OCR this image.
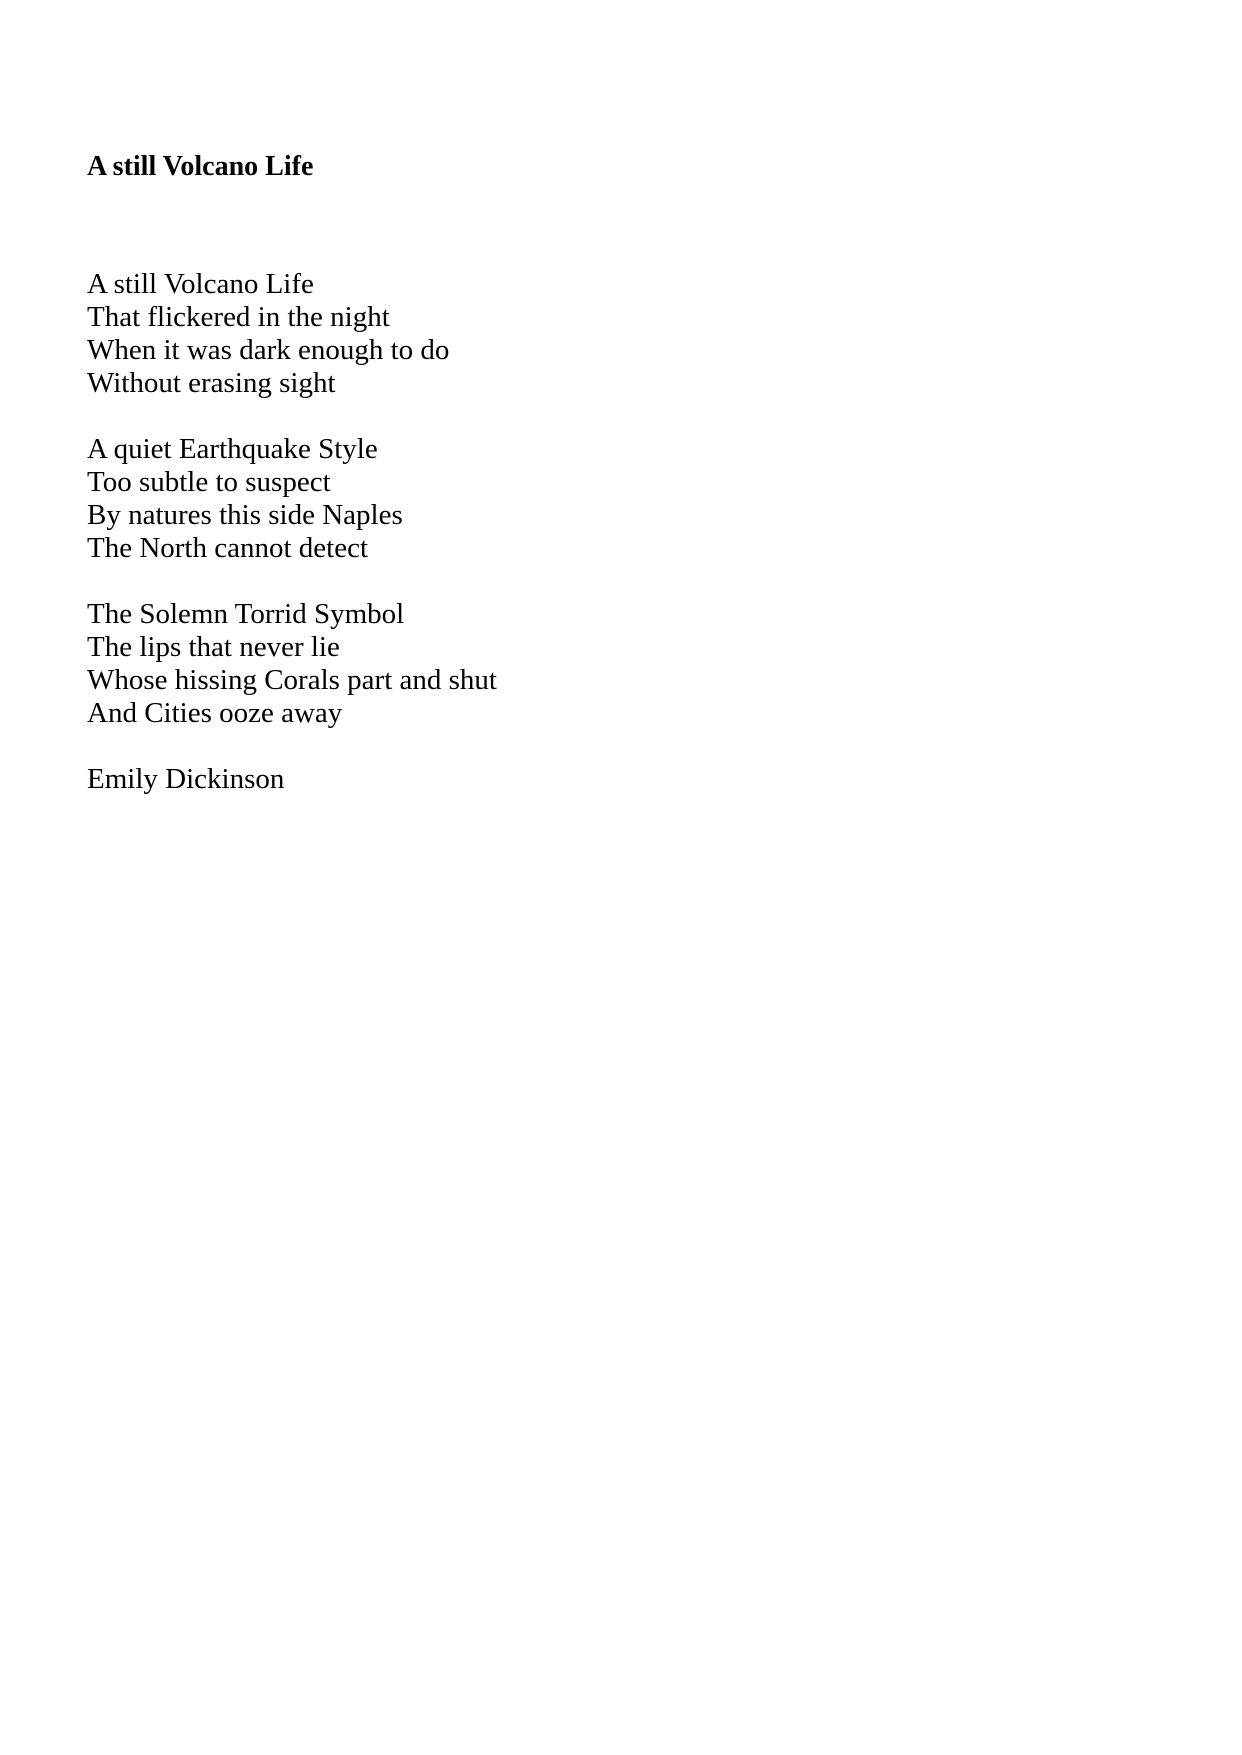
A still Volcano Life

A still Volcano Life
That flickered in the night
When it was dark enough to do
Without erasing sight

A quiet Earthquake Style
Too subtle to suspect
By natures this side Naples
The North cannot detect

The Solemn Torrid Symbol
The lips that never lie
Whose hissing Corals part and shut
And Cities ooze away

Emily Dickinson
